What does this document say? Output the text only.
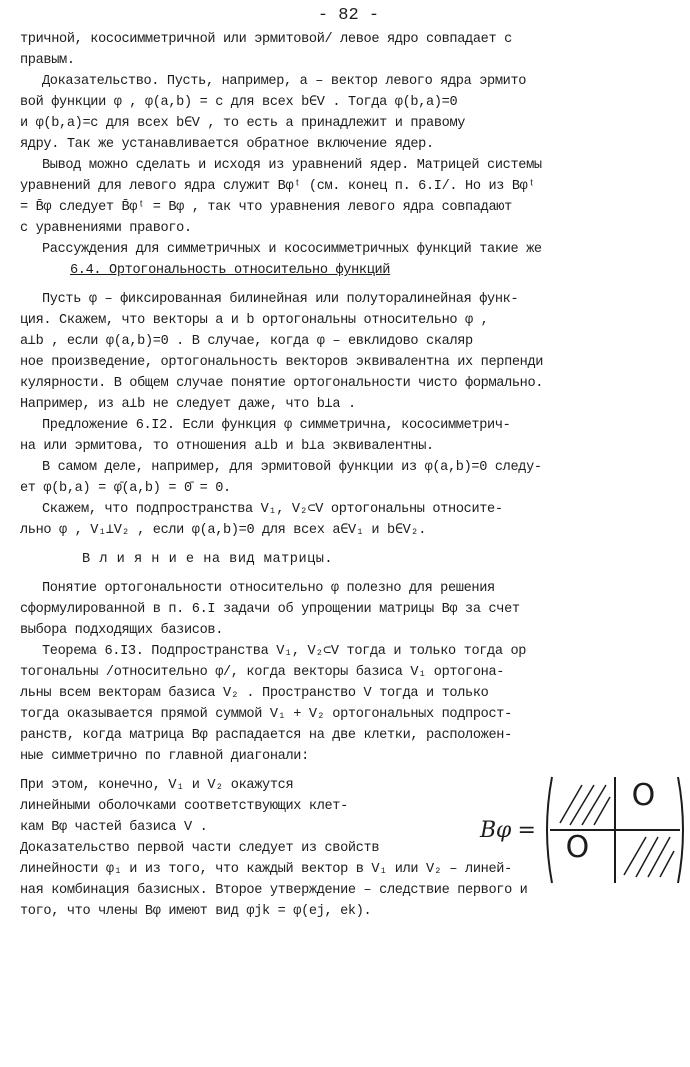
- 82 -
тричной, кососимметричной или эрмитовой/ левое ядро совпадает с
правым.
Доказательство. Пусть, например, a – вектор левого ядра эрмито
вой функции φ , φ(a,b) = c для всех b∈V . Тогда φ(b,a)=0
и φ(b,a)=c для всех b∈V , то есть a принадлежит и правому
ядру. Так же устанавливается обратное включение ядер.
Вывод можно сделать и исходя из уравнений ядер. Матрицей системы
уравнений для левого ядра служит Bφᵗ (см. конец п. 6.I/. Но из Bφᵗ
= B̄φ следует B̄φᵗ = Bφ , так что уравнения левого ядра совпадают
с уравнениями правого.
Рассуждения для симметричных и кососимметричных функций такие же
6.4. Ортогональность относительно функций
Пусть φ – фиксированная билинейная или полуторалинейная функ-
ция. Скажем, что векторы a и b ортогональны относительно φ ,
a⊥b , если φ(a,b)=0 . В случае, когда φ – евклидово скаляр
ное произведение, ортогональность векторов эквивалентна их перпенди
кулярности. В общем случае понятие ортогональности чисто формально.
Например, из a⊥b не следует даже, что b⊥a .
Предложение 6.I2. Если функция φ симметрична, кососимметрич-
на или эрмитова, то отношения a⊥b и b⊥a эквивалентны.
В самом деле, например, для эрмитовой функции из φ(a,b)=0 следу-
ет φ(b,a) = φ̄(a,b) = 0̄ = 0.
Скажем, что подпространства V₁, V₂⊂V ортогональны относите-
льно φ , V₁⊥V₂ , если φ(a,b)=0 для всех a∈V₁ и b∈V₂.
В л и я н и е на вид матрицы.
Понятие ортогональности относительно φ полезно для решения
сформулированной в п. 6.I задачи об упрощении матрицы Bφ за счет
выбора подходящих базисов.
Теорема 6.I3. Подпространства V₁, V₂⊂V тогда и только тогда ор
тогональны /относительно φ/, когда векторы базиса V₁ ортогона-
льны всем векторам базиса V₂ . Пространство V тогда и только
тогда оказывается прямой суммой V₁ + V₂ ортогональных подпрост-
ранств, когда матрица Bφ распадается на две клетки, расположен-
ные симметрично по главной диагонали:
При этом, конечно, V₁ и V₂ окажутся
линейными оболочками соответствующих клет-
кам Bφ частей базиса V .	Bφ =
O
O
Доказательство первой части следует из свойств
линейности φ₁ и из того, что каждый вектор в V₁ или V₂ – линей-
ная комбинация базисных. Второе утверждение – следствие первого и
того, что члены Bφ имеют вид φjk = φ(ej, ek).
